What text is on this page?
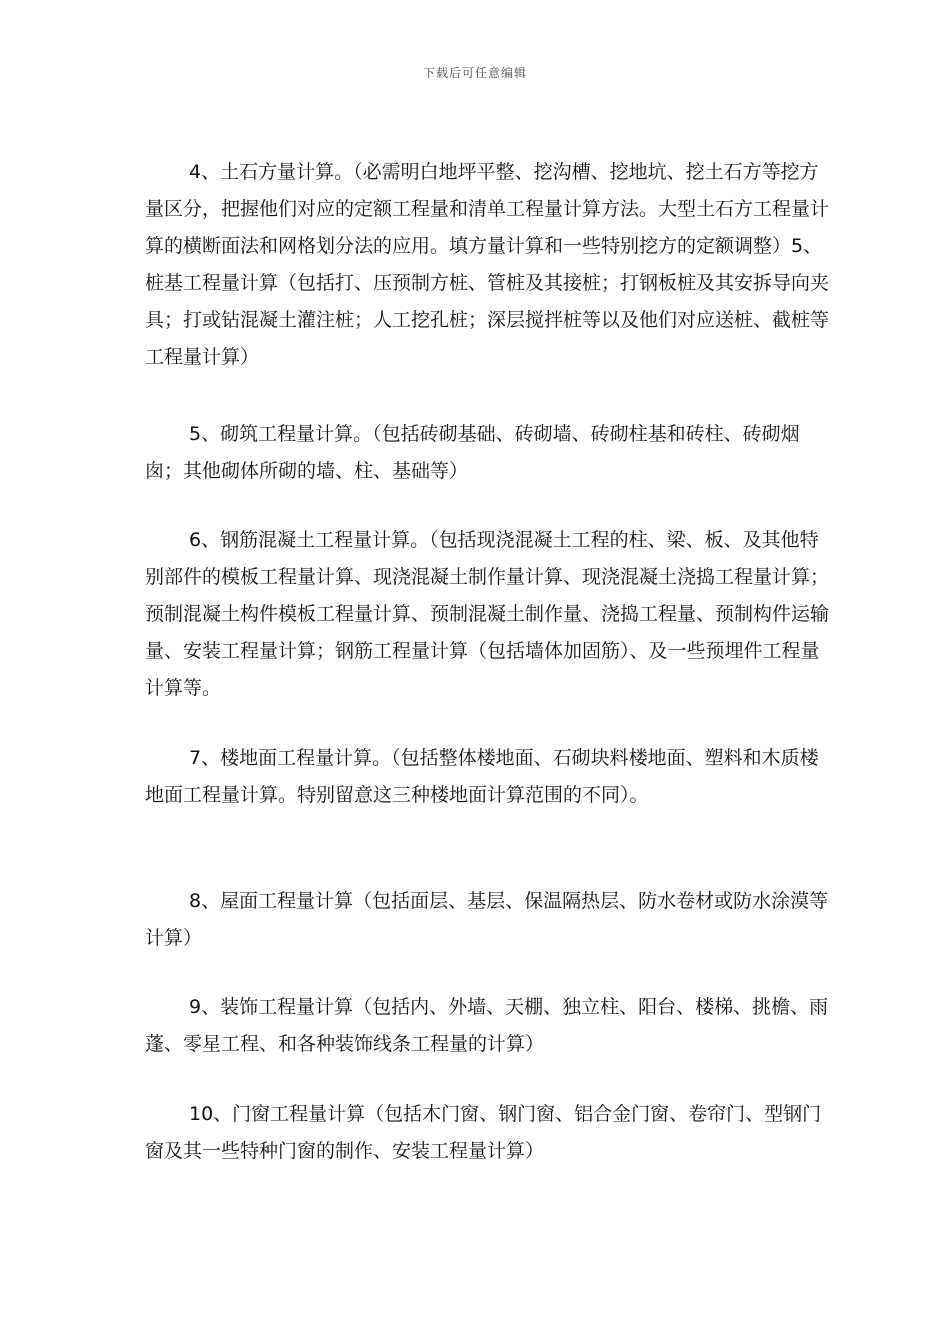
下载后可任意编辑

4、土石方量计算。（必需明白地坪平整、挖沟槽、挖地坑、挖土石方等挖方量区分，把握他们对应的定额工程量和清单工程量计算方法。大型土石方工程量计算的横断面法和网格划分法的应用。填方量计算和一些特别挖方的定额调整）5、桩基工程量计算（包括打、压预制方桩、管桩及其接桩；打钢板桩及其安拆导向夹具；打或钻混凝土灌注桩；人工挖孔桩；深层搅拌桩等以及他们对应送桩、截桩等工程量计算）

5、砌筑工程量计算。（包括砖砌基础、砖砌墙、砖砌柱基和砖柱、砖砌烟囱；其他砌体所砌的墙、柱、基础等）

6、钢筋混凝土工程量计算。（包括现浇混凝土工程的柱、梁、板、及其他特别部件的模板工程量计算、现浇混凝土制作量计算、现浇混凝土浇捣工程量计算；预制混凝土构件模板工程量计算、预制混凝土制作量、浇捣工程量、预制构件运输量、安装工程量计算；钢筋工程量计算（包括墙体加固筋）、及一些预埋件工程量计算等。

7、楼地面工程量计算。（包括整体楼地面、石砌块料楼地面、塑料和木质楼地面工程量计算。特别留意这三种楼地面计算范围的不同）。

8、屋面工程量计算（包括面层、基层、保温隔热层、防水卷材或防水涂漠等计算）

9、装饰工程量计算（包括内、外墙、天棚、独立柱、阳台、楼梯、挑檐、雨蓬、零星工程、和各种装饰线条工程量的计算）

10、门窗工程量计算（包括木门窗、钢门窗、铝合金门窗、卷帘门、型钢门窗及其一些特种门窗的制作、安装工程量计算）
